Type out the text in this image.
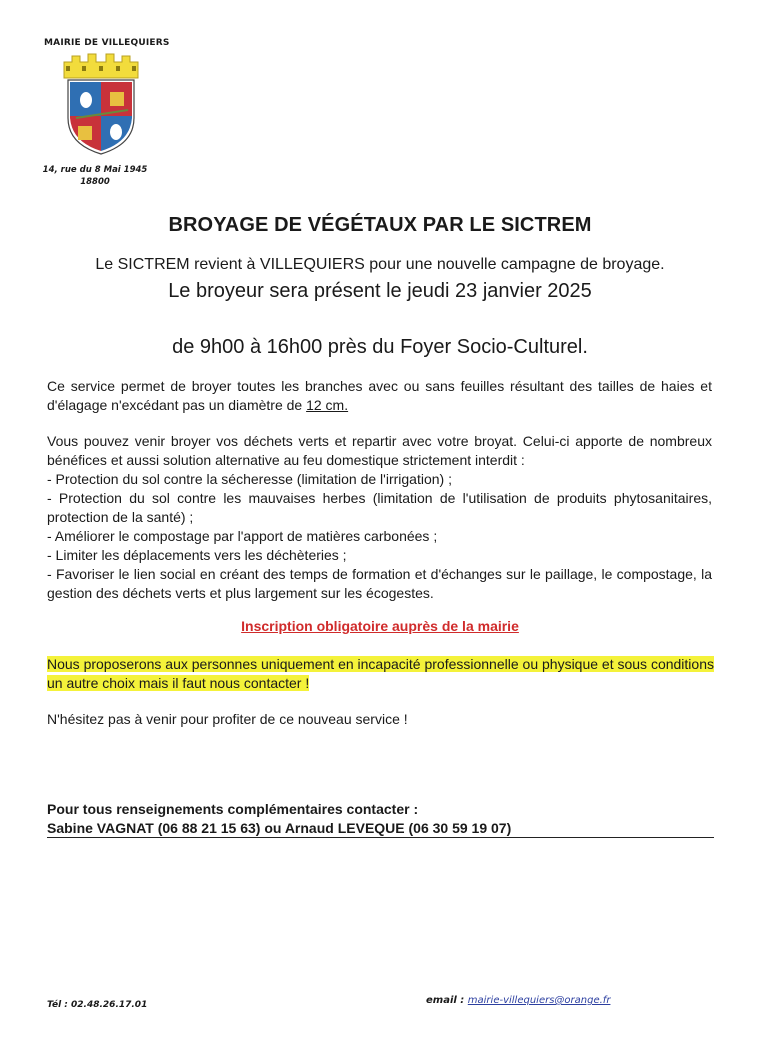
MAIRIE DE VILLEQUIERS
14, rue du 8 Mai 1945
18800
BROYAGE DE VÉGÉTAUX PAR LE SICTREM
Le SICTREM revient à VILLEQUIERS pour une nouvelle campagne de broyage.
Le broyeur sera présent le jeudi 23 janvier 2025
de 9h00 à 16h00 près du Foyer Socio-Culturel.
Ce service permet de broyer toutes les branches avec ou sans feuilles résultant des tailles de haies et d'élagage n'excédant pas un diamètre de 12 cm.
Vous pouvez venir broyer vos déchets verts et repartir avec votre broyat. Celui-ci apporte de nombreux bénéfices et aussi solution alternative au feu domestique strictement interdit :
- Protection du sol contre la sécheresse (limitation de l'irrigation) ;
- Protection du sol contre les mauvaises herbes (limitation de l'utilisation de produits phytosanitaires, protection de la santé) ;
- Améliorer le compostage par l'apport de matières carbonées ;
- Limiter les déplacements vers les déchèteries ;
- Favoriser le lien social en créant des temps de formation et d'échanges sur le paillage, le compostage, la gestion des déchets verts et plus largement sur les écogestes.
Inscription obligatoire auprès de la mairie
Nous proposerons aux personnes uniquement en incapacité professionnelle ou physique et sous conditions un autre choix mais il faut nous contacter !
N'hésitez pas à venir pour profiter de ce nouveau service !
Pour tous renseignements complémentaires contacter :
Sabine VAGNAT (06 88 21 15 63) ou Arnaud LEVEQUE (06 30 59 19 07)
Tél : 02.48.26.17.01	email : mairie-villequiers@orange.fr
